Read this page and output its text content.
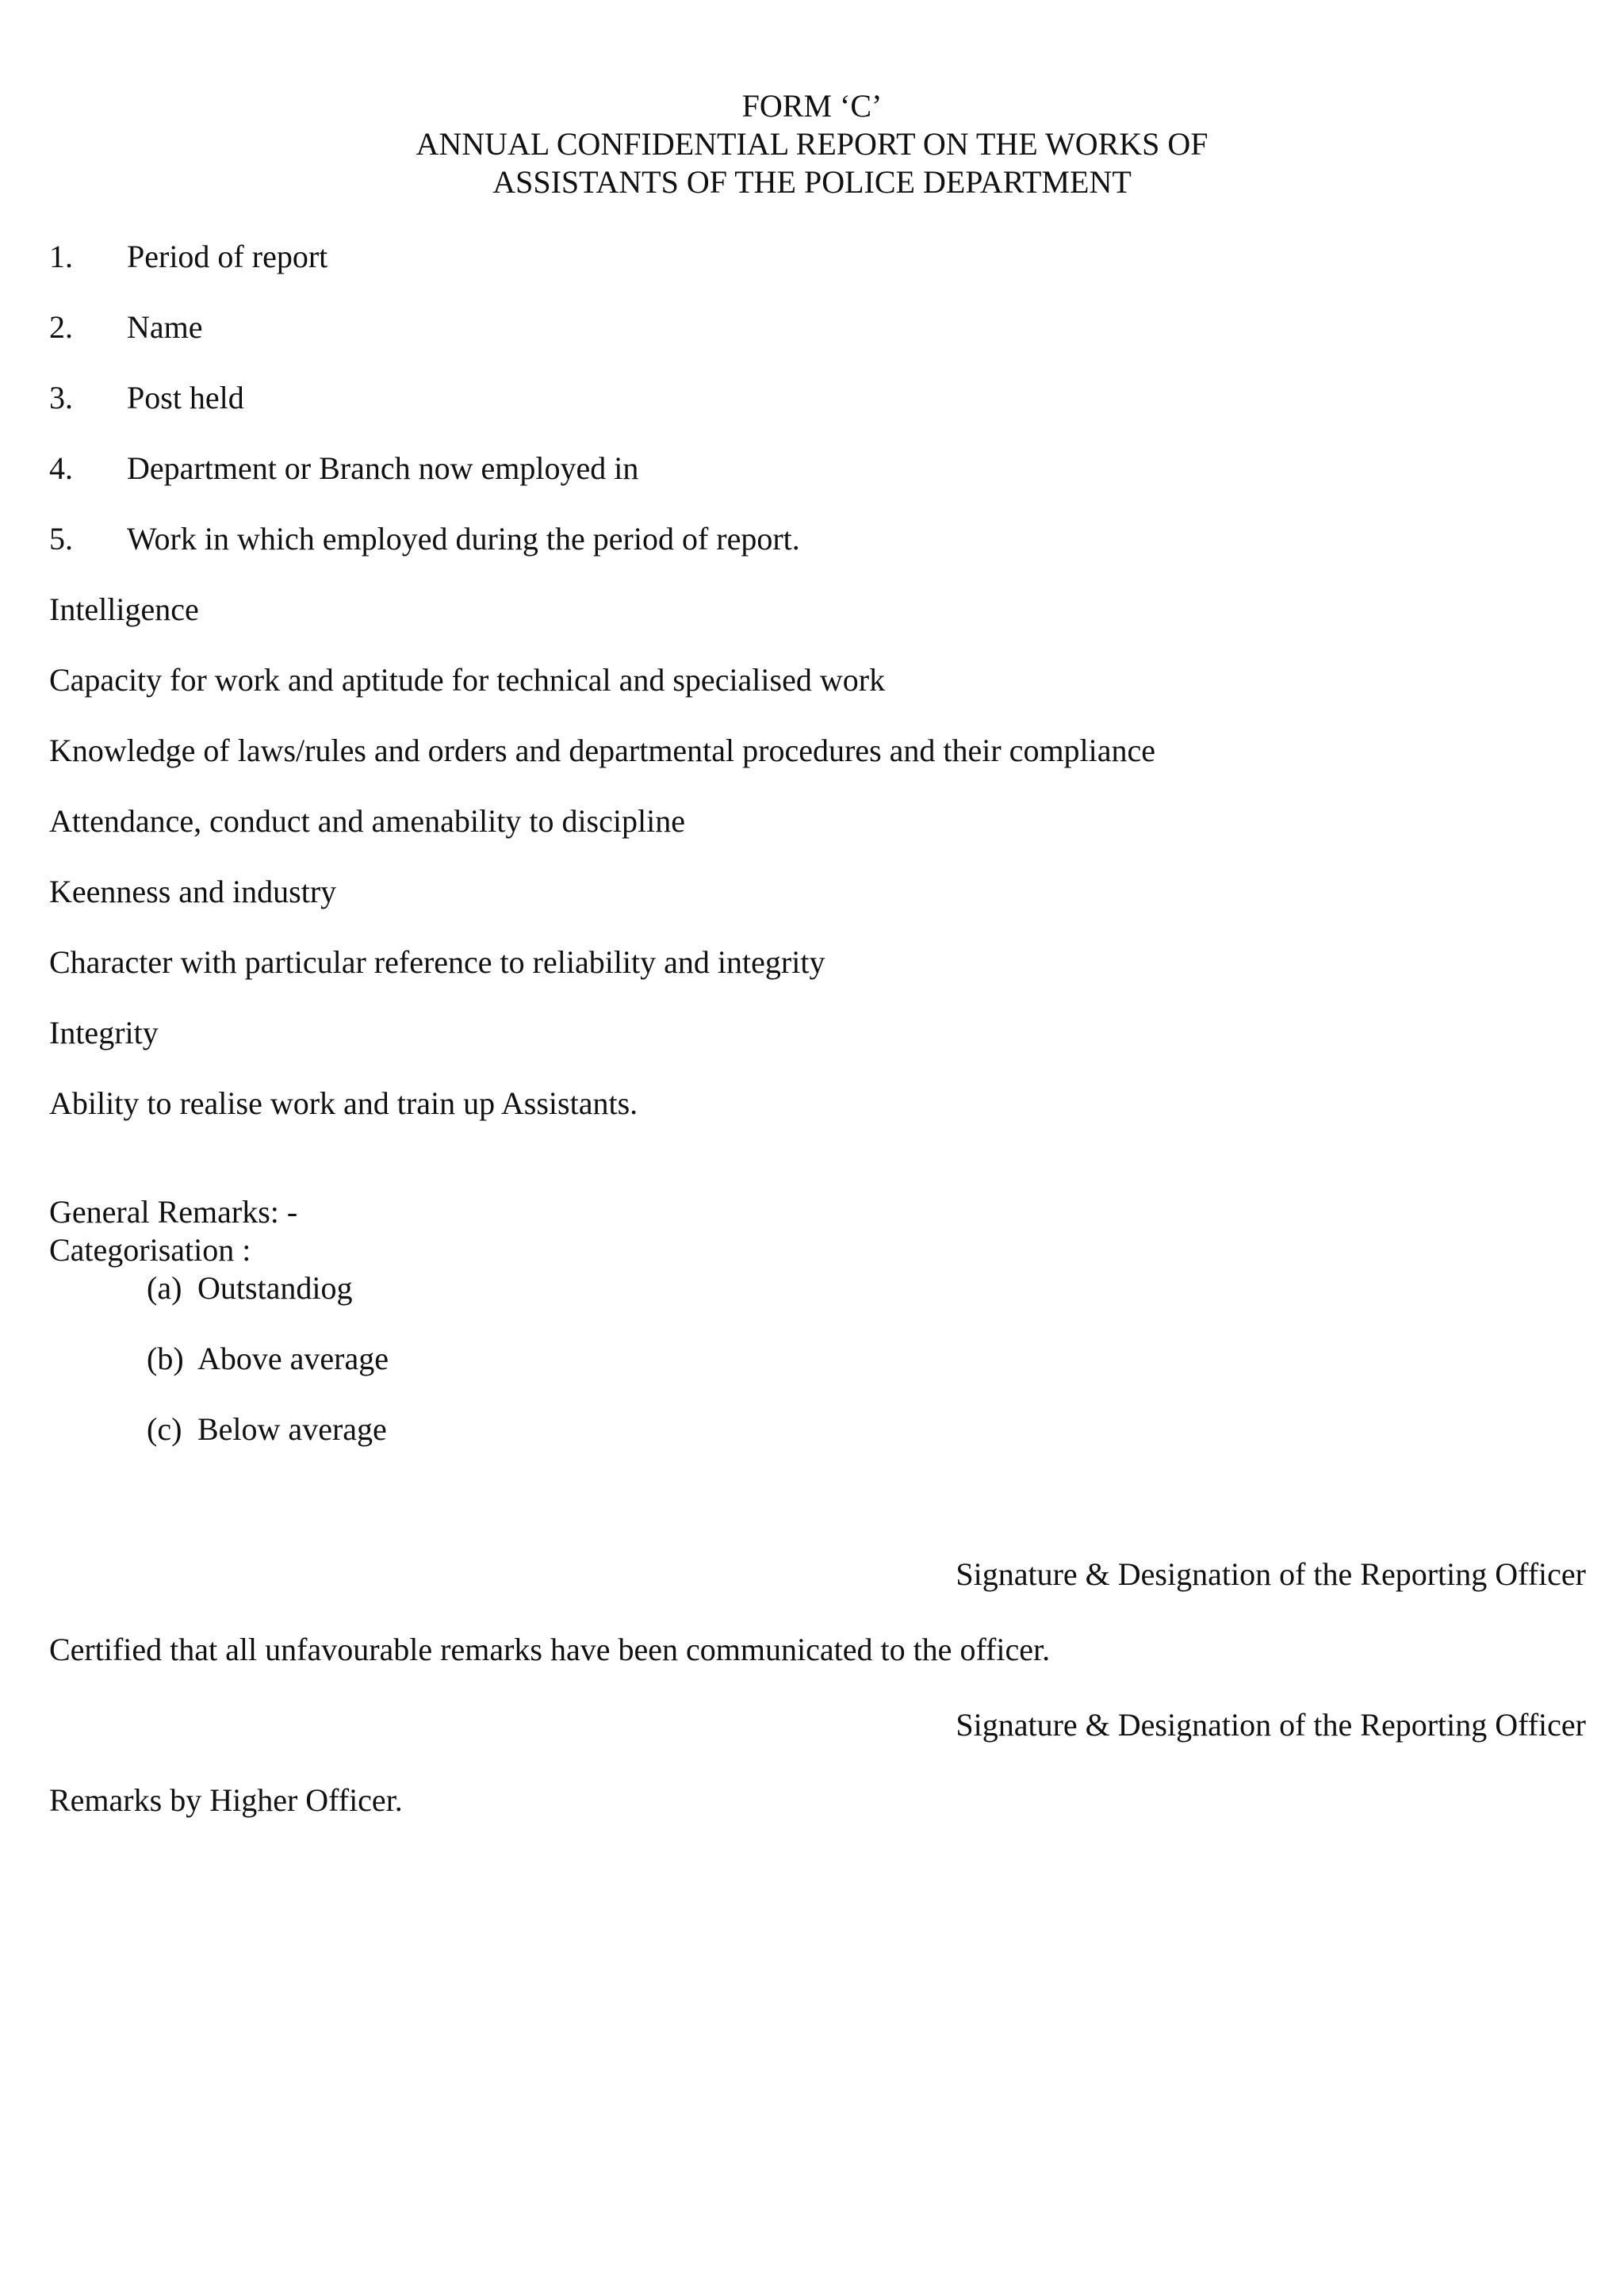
FORM ‘C’
ANNUAL CONFIDENTIAL REPORT ON THE WORKS OF
ASSISTANTS OF THE POLICE DEPARTMENT
1. Period of report
2. Name
3. Post held
4. Department or Branch now employed in
5. Work in which employed during the period of report.
Intelligence
Capacity for work and aptitude for technical and specialised work
Knowledge of laws/rules and orders and departmental procedures and their compliance
Attendance, conduct and amenability to discipline
Keenness and industry
Character with particular reference to reliability and integrity
Integrity
Ability to realise work and train up Assistants.
General Remarks: -
Categorisation :
(a) Outstandiog
(b) Above average
(c) Below average
Signature & Designation of the Reporting Officer
Certified that all unfavourable remarks have been communicated to the officer.
Signature & Designation of the Reporting Officer
Remarks by Higher Officer.
